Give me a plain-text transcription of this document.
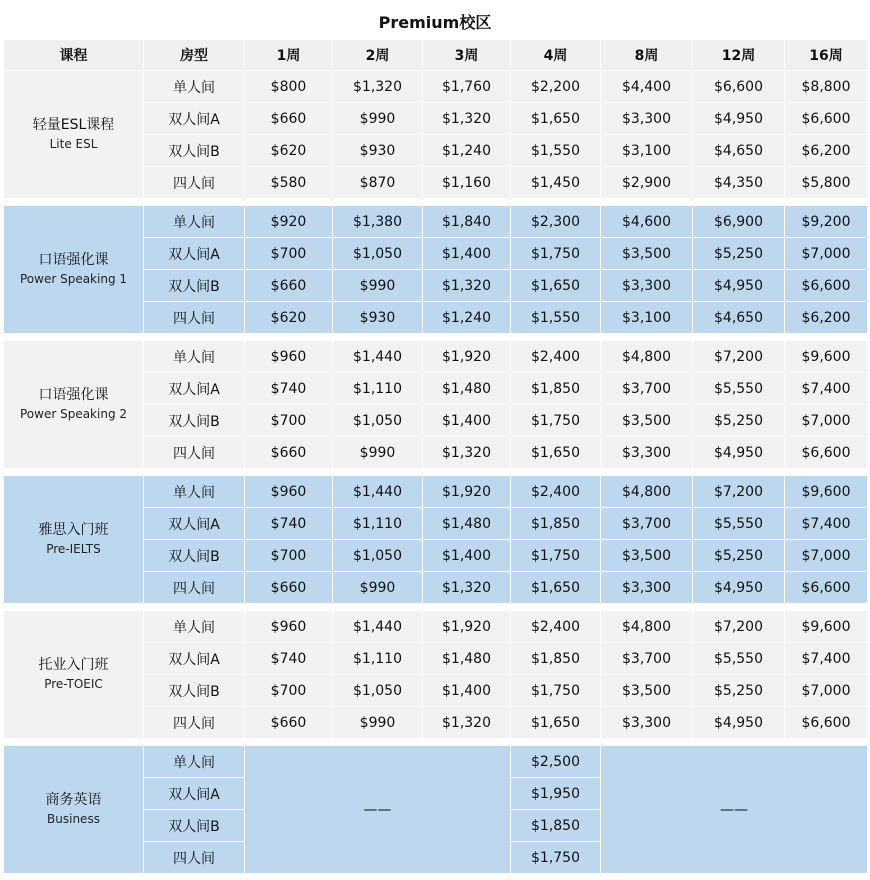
Premium校区
课程	房型	1周	2周	3周	4周	8周	12周	16周

轻量ESL课程
Lite ESL	单人间	$800	$1,320	$1,760	$2,200	$4,400	$6,600	$8,800
	双人间A	$660	$990	$1,320	$1,650	$3,300	$4,950	$6,600
	双人间B	$620	$930	$1,240	$1,550	$3,100	$4,650	$6,200
	四人间	$580	$870	$1,160	$1,450	$2,900	$4,350	$5,800

口语强化课
Power Speaking 1	单人间	$920	$1,380	$1,840	$2,300	$4,600	$6,900	$9,200
	双人间A	$700	$1,050	$1,400	$1,750	$3,500	$5,250	$7,000
	双人间B	$660	$990	$1,320	$1,650	$3,300	$4,950	$6,600
	四人间	$620	$930	$1,240	$1,550	$3,100	$4,650	$6,200

口语强化课
Power Speaking 2	单人间	$960	$1,440	$1,920	$2,400	$4,800	$7,200	$9,600
	双人间A	$740	$1,110	$1,480	$1,850	$3,700	$5,550	$7,400
	双人间B	$700	$1,050	$1,400	$1,750	$3,500	$5,250	$7,000
	四人间	$660	$990	$1,320	$1,650	$3,300	$4,950	$6,600

雅思入门班
Pre-IELTS	单人间	$960	$1,440	$1,920	$2,400	$4,800	$7,200	$9,600
	双人间A	$740	$1,110	$1,480	$1,850	$3,700	$5,550	$7,400
	双人间B	$700	$1,050	$1,400	$1,750	$3,500	$5,250	$7,000
	四人间	$660	$990	$1,320	$1,650	$3,300	$4,950	$6,600

托业入门班
Pre-TOEIC	单人间	$960	$1,440	$1,920	$2,400	$4,800	$7,200	$9,600
	双人间A	$740	$1,110	$1,480	$1,850	$3,700	$5,550	$7,400
	双人间B	$700	$1,050	$1,400	$1,750	$3,500	$5,250	$7,000
	四人间	$660	$990	$1,320	$1,650	$3,300	$4,950	$6,600

商务英语
Business	单人间	——			$2,500	——		
	双人间A				$1,950			
	双人间B				$1,850			
	四人间				$1,750			
